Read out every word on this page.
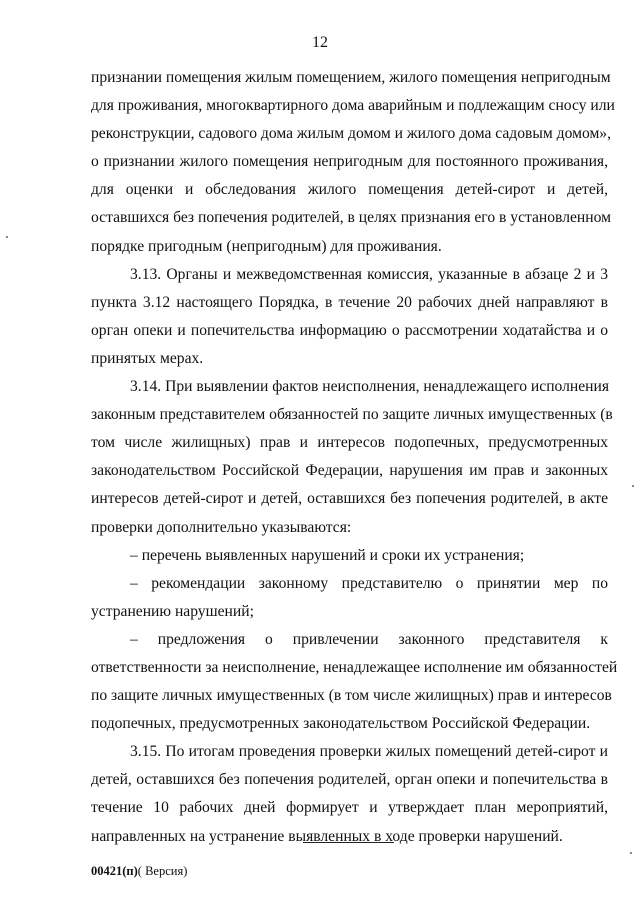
12
признании помещения жилым помещением, жилого помещения непригодным
для проживания, многоквартирного дома аварийным и подлежащим сносу или
реконструкции, садового дома жилым домом и жилого дома садовым домом»,
о признании жилого помещения непригодным для постоянного проживания,
для оценки и обследования жилого помещения детей-сирот и детей,
оставшихся без попечения родителей, в целях признания его в установленном
порядке пригодным (непригодным) для проживания.
3.13. Органы и межведомственная комиссия, указанные в абзаце 2 и 3
пункта 3.12 настоящего Порядка, в течение 20 рабочих дней направляют в
орган опеки и попечительства информацию о рассмотрении ходатайства и о
принятых мерах.
3.14. При выявлении фактов неисполнения, ненадлежащего исполнения
законным представителем обязанностей по защите личных имущественных (в
том числе жилищных) прав и интересов подопечных, предусмотренных
законодательством Российской Федерации, нарушения им прав и законных
интересов детей-сирот и детей, оставшихся без попечения родителей, в акте
проверки дополнительно указываются:
– перечень выявленных нарушений и сроки их устранения;
– рекомендации законному представителю о принятии мер по
устранению нарушений;
– предложения о привлечении законного представителя к
ответственности за неисполнение, ненадлежащее исполнение им обязанностей
по защите личных имущественных (в том числе жилищных) прав и интересов
подопечных, предусмотренных законодательством Российской Федерации.
3.15. По итогам проведения проверки жилых помещений детей-сирот и
детей, оставшихся без попечения родителей, орган опеки и попечительства в
течение 10 рабочих дней формирует и утверждает план мероприятий,
направленных на устранение выявленных в ходе проверки нарушений.
00421(п)( Версия)
